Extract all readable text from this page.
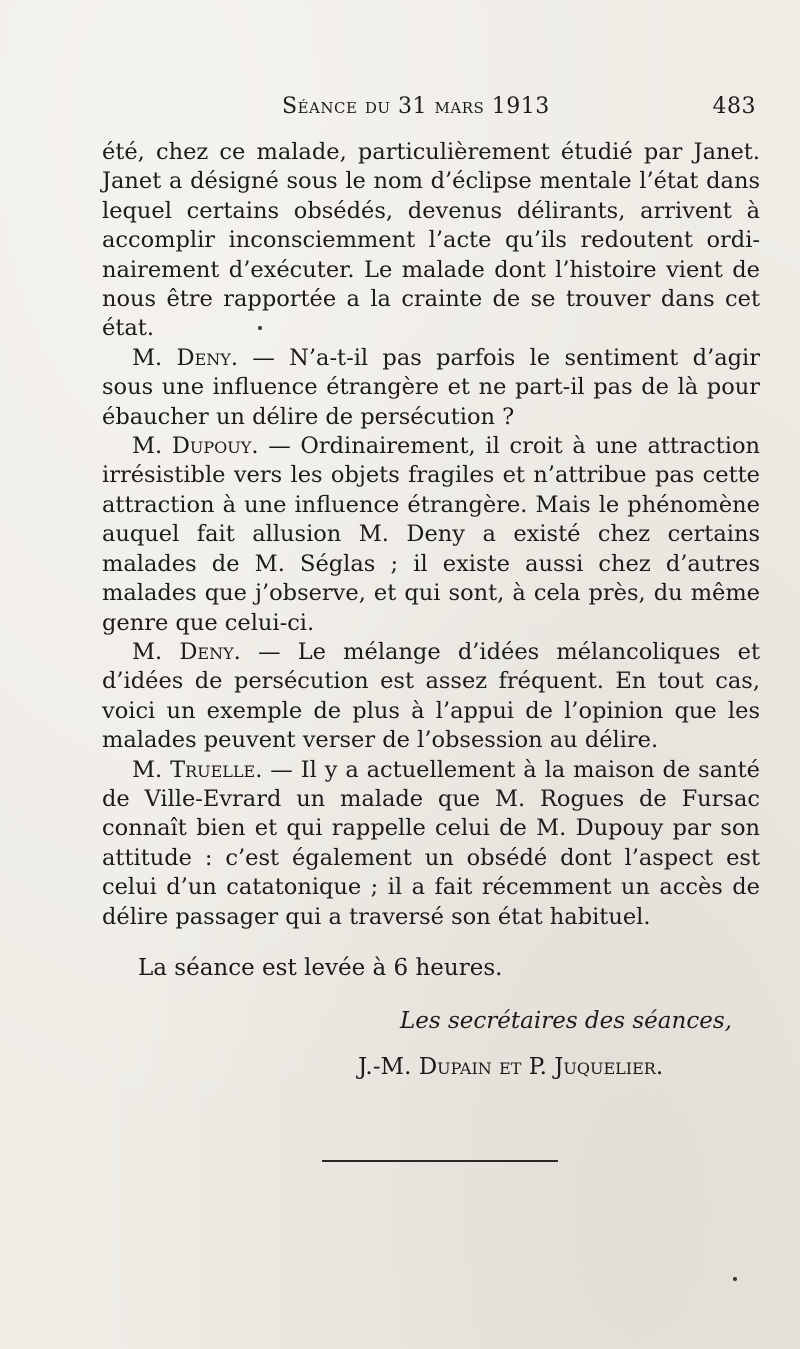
Séance du 31 mars 1913	483

été, chez ce malade, particulièrement étudié par Janet. Janet a désigné sous le nom d’éclipse mentale l’état dans lequel certains obsédés, devenus délirants, arrivent à accomplir inconsciemment l’acte qu’ils redoutent ordinairement d’exécuter. Le malade dont l’histoire vient de nous être rapportée a la crainte de se trouver dans cet état.

M. Deny. — N’a-t-il pas parfois le sentiment d’agir sous une influence étrangère et ne part-il pas de là pour ébaucher un délire de persécution ?

M. Dupouy. — Ordinairement, il croit à une attraction irrésistible vers les objets fragiles et n’attribue pas cette attraction à une influence étrangère. Mais le phénomène auquel fait allusion M. Deny a existé chez certains malades de M. Séglas ; il existe aussi chez d’autres malades que j’observe, et qui sont, à cela près, du même genre que celui-ci.

M. Deny. — Le mélange d’idées mélancoliques et d’idées de persécution est assez fréquent. En tout cas, voici un exemple de plus à l’appui de l’opinion que les malades peuvent verser de l’obsession au délire.

M. Truelle. — Il y a actuellement à la maison de santé de Ville-Evrard un malade que M. Rogues de Fursac connaît bien et qui rappelle celui de M. Dupouy par son attitude : c’est également un obsédé dont l’aspect est celui d’un catatonique ; il a fait récemment un accès de délire passager qui a traversé son état habituel.

La séance est levée à 6 heures.
Les secrétaires des séances,
J.-M. Dupain et P. Juquelier.
